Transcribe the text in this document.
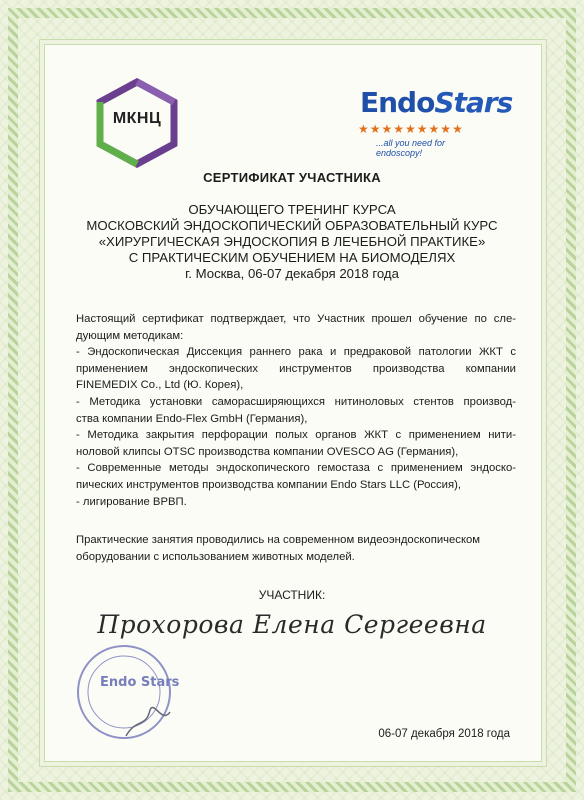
МКНЦ	EndoStars
★★★★★★★★★
...all you need for endoscopy!
СЕРТИФИКАТ УЧАСТНИКА
ОБУЧАЮЩЕГО ТРЕНИНГ КУРСА
МОСКОВСКИЙ ЭНДОСКОПИЧЕСКИЙ ОБРАЗОВАТЕЛЬНЫЙ КУРС
«ХИРУРГИЧЕСКАЯ ЭНДОСКОПИЯ В ЛЕЧЕБНОЙ ПРАКТИКЕ»
С ПРАКТИЧЕСКИМ ОБУЧЕНИЕМ НА БИОМОДЕЛЯХ
г. Москва, 06-07 декабря 2018 года
Настоящий сертификат подтверждает, что Участник прошел обучение по сле-
дующим методикам:
- Эндоскопическая Диссекция раннего рака и предраковой патологии ЖКТ с
применением эндоскопических инструментов производства компании
FINEMEDIX Co., Ltd (Ю. Корея),
- Методика установки саморасширяющихся нитиноловых стентов производ-
ства компании Endo-Flex GmbH (Германия),
- Методика закрытия перфорации полых органов ЖКТ с применением нити-
ноловой клипсы OTSC производства компании OVESCO AG (Германия),
- Современные методы эндоскопического гемостаза с применением эндоско-
пических инструментов производства компании Endo Stars LLC (Россия),
- лигирование ВРВП.
Практические занятия проводились на современном видеоэндоскопическом
оборудовании с использованием животных моделей.
УЧАСТНИК:
Прохорова Елена Сергеевна
Endo Stars
06-07 декабря 2018 года
